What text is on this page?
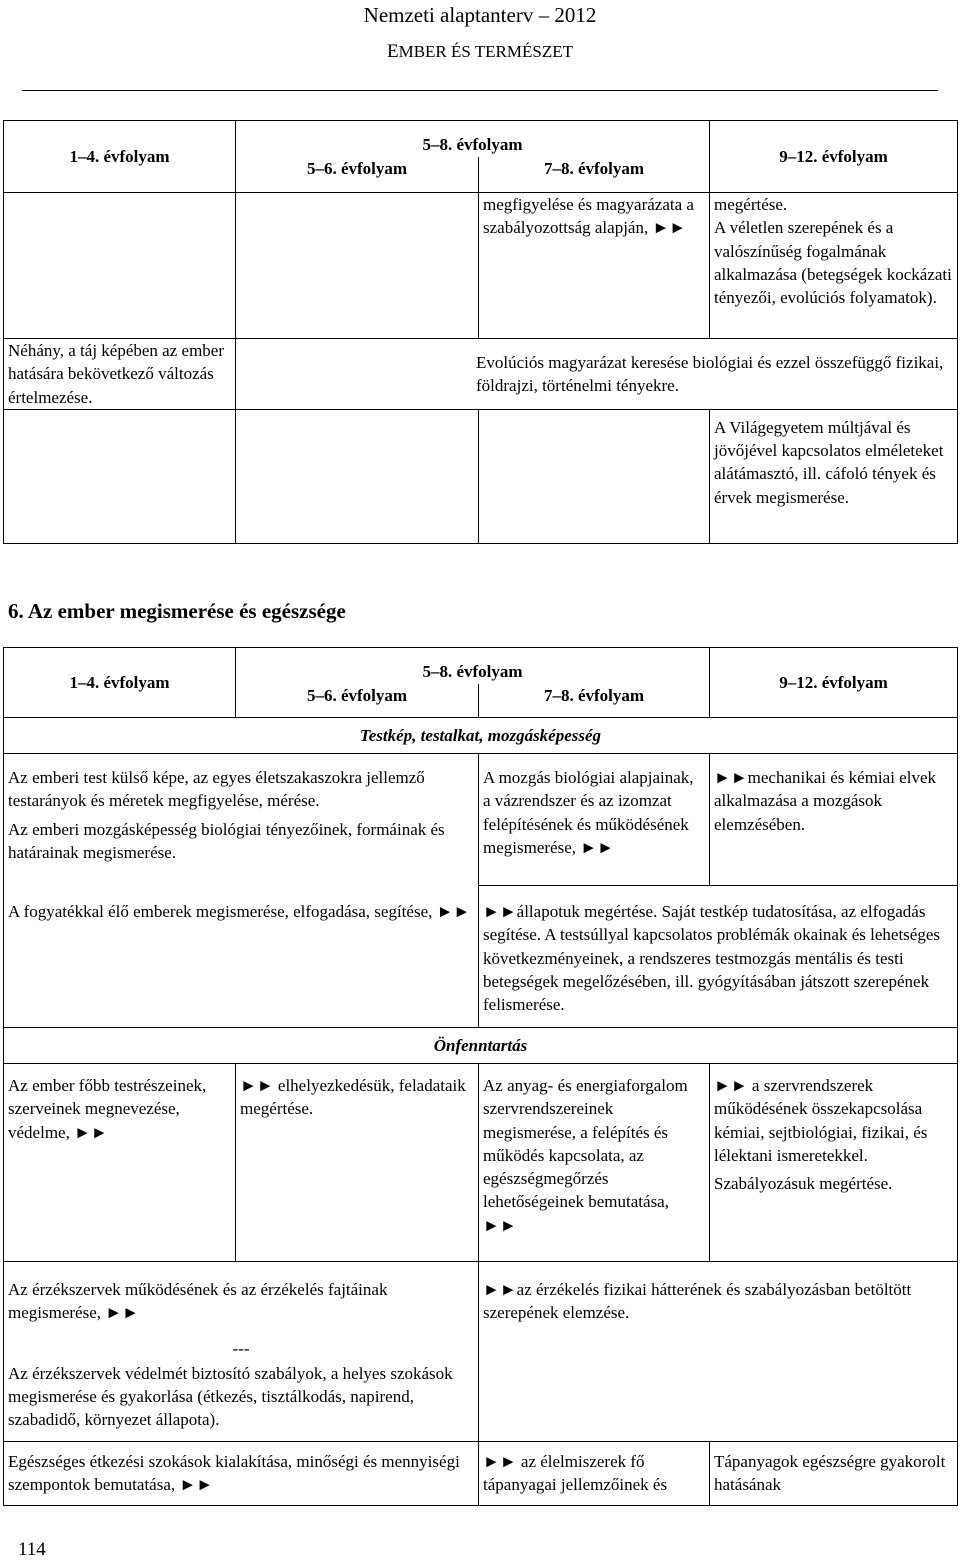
Nemzeti alaptanterv – 2012
EMBER ÉS TERMÉSZET
1–4. évfolyam	5–8. évfolyam		9–12. évfolyam
	5–6. évfolyam	7–8. évfolyam	
		megfigyelése és magyarázata a szabályozottság alapján, ►►	megértése.
A véletlen szerepének és a valószínűség fogalmának alkalmazása (betegségek kockázati tényezői, evolúciós folyamatok).
Néhány, a táj képében az ember hatására bekövetkező változás értelmezése.	Evolúciós magyarázat keresése biológiai és ezzel összefüggő fizikai, földrajzi, történelmi tényekre.		
			A Világegyetem múltjával és jövőjével kapcsolatos elméleteket alátámasztó, ill. cáfoló tények és érvek megismerése.
6. Az ember megismerése és egészsége
1–4. évfolyam	5–8. évfolyam		9–12. évfolyam
	5–6. évfolyam	7–8. évfolyam	
Testkép, testalkat, mozgásképesség			

Az emberi test külső képe, az egyes életszakaszokra jellemző testarányok és méretek megfigyelése, mérése.

Az emberi mozgásképesség biológiai tényezőinek, formáinak és határainak megismerése.		A mozgás biológiai alapjainak, a vázrendszer és az izomzat felépítésének és működésének megismerése, ►►	►►mechanikai és kémiai elvek alkalmazása a mozgások elemzésében.
A fogyatékkal élő emberek megismerése, elfogadása, segítése, ►►		►►állapotuk megértése. Saját testkép tudatosítása, az elfogadás segítése. A testsúllyal kapcsolatos problémák okainak és lehetséges következményeinek, a rendszeres testmozgás mentális és testi betegségek megelőzésében, ill. gyógyításában játszott szerepének felismerése.	
Önfenntartás			
Az ember főbb testrészeinek, szerveinek megnevezése, védelme, ►►	►► elhelyezkedésük, feladataik megértése.	Az anyag- és energiaforgalom szervrendszereinek megismerése, a felépítés és működés kapcsolata, az egészségmegőrzés lehetőségeinek bemutatása, ►►	►► a szervrendszerek működésének összekapcsolása kémiai, sejtbiológiai, fizikai, és lélektani ismeretekkel.

Szabályozásuk megértése.

Az érzékszervek működésének és az érzékelés fajtáinak megismerése, ►►

---

Az érzékszervek védelmét biztosító szabályok, a helyes szokások megismerése és gyakorlása (étkezés, tisztálkodás, napirend, szabadidő, környezet állapota).		►►az érzékelés fizikai hátterének és szabályozásban betöltött szerepének elemzése.	
Egészséges étkezési szokások kialakítása, minőségi és mennyiségi szempontok bemutatása, ►►		►► az élelmiszerek fő tápanyagai jellemzőinek és	Tápanyagok egészségre gyakorolt hatásának
114
